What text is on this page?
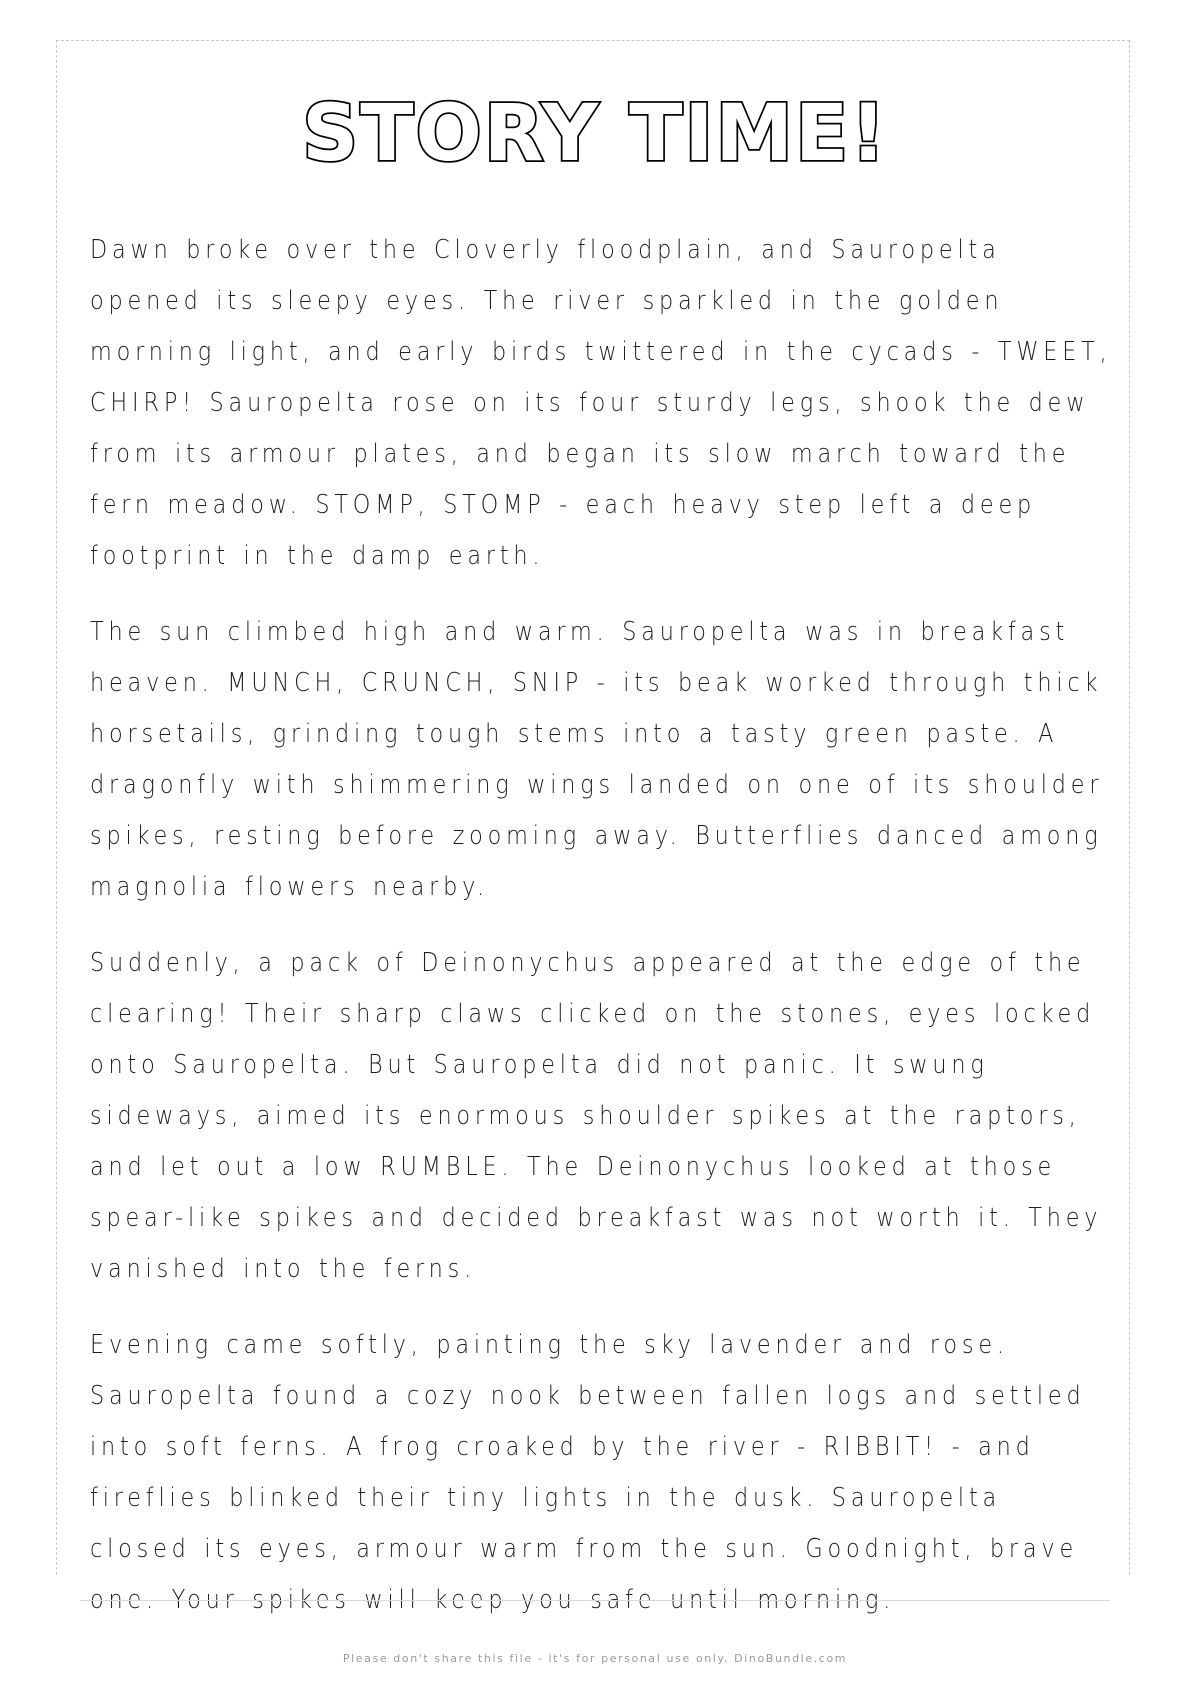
STORY TIME!

Dawn broke over the Cloverly floodplain, and Sauropelta opened its sleepy eyes. The river sparkled in the golden morning light, and early birds twittered in the cycads - TWEET, CHIRP! Sauropelta rose on its four sturdy legs, shook the dew from its armour plates, and began its slow march toward the fern meadow. STOMP, STOMP - each heavy step left a deep footprint in the damp earth.

The sun climbed high and warm. Sauropelta was in breakfast heaven. MUNCH, CRUNCH, SNIP - its beak worked through thick horsetails, grinding tough stems into a tasty green paste. A dragonfly with shimmering wings landed on one of its shoulder spikes, resting before zooming away. Butterflies danced among magnolia flowers nearby.

Suddenly, a pack of Deinonychus appeared at the edge of the clearing! Their sharp claws clicked on the stones, eyes locked onto Sauropelta. But Sauropelta did not panic. It swung sideways, aimed its enormous shoulder spikes at the raptors, and let out a low RUMBLE. The Deinonychus looked at those spear-like spikes and decided breakfast was not worth it. They vanished into the ferns.

Evening came softly, painting the sky lavender and rose. Sauropelta found a cozy nook between fallen logs and settled into soft ferns. A frog croaked by the river - RIBBIT! - and fireflies blinked their tiny lights in the dusk. Sauropelta closed its eyes, armour warm from the sun. Goodnight, brave one. Your spikes will keep you safe until morning.

Please don't share this file - it's for personal use only. DinoBundle.com
